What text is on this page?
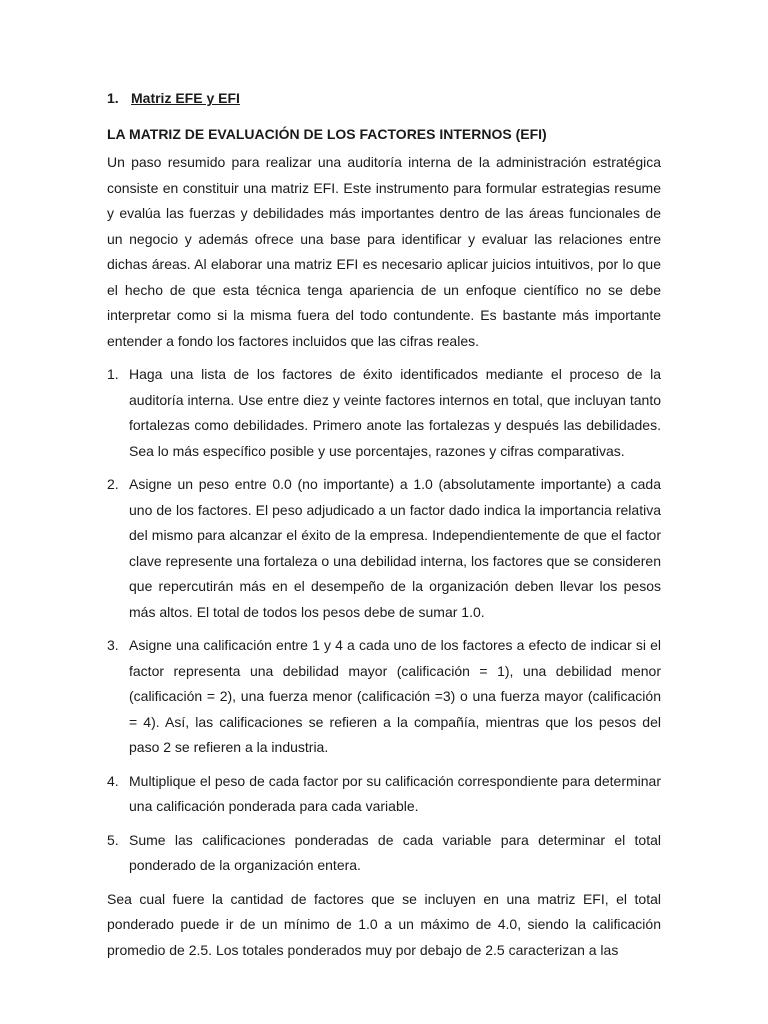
1. Matriz EFE y EFI
LA MATRIZ DE EVALUACIÓN DE LOS FACTORES INTERNOS (EFI)

Un paso resumido para realizar una auditoría interna de la administración estratégica consiste en constituir una matriz EFI. Este instrumento para formular estrategias resume y evalúa las fuerzas y debilidades más importantes dentro de las áreas funcionales de un negocio y además ofrece una base para identificar y evaluar las relaciones entre dichas áreas. Al elaborar una matriz EFI es necesario aplicar juicios intuitivos, por lo que el hecho de que esta técnica tenga apariencia de un enfoque científico no se debe interpretar como si la misma fuera del todo contundente. Es bastante más importante entender a fondo los factores incluidos que las cifras reales.

1. Haga una lista de los factores de éxito identificados mediante el proceso de la auditoría interna. Use entre diez y veinte factores internos en total, que incluyan tanto fortalezas como debilidades. Primero anote las fortalezas y después las debilidades. Sea lo más específico posible y use porcentajes, razones y cifras comparativas.
2. Asigne un peso entre 0.0 (no importante) a 1.0 (absolutamente importante) a cada uno de los factores. El peso adjudicado a un factor dado indica la importancia relativa del mismo para alcanzar el éxito de la empresa. Independientemente de que el factor clave represente una fortaleza o una debilidad interna, los factores que se consideren que repercutirán más en el desempeño de la organización deben llevar los pesos más altos. El total de todos los pesos debe de sumar 1.0.
3. Asigne una calificación entre 1 y 4 a cada uno de los factores a efecto de indicar si el factor representa una debilidad mayor (calificación = 1), una debilidad menor (calificación = 2), una fuerza menor (calificación =3) o una fuerza mayor (calificación = 4). Así, las calificaciones se refieren a la compañía, mientras que los pesos del paso 2 se refieren a la industria.
4. Multiplique el peso de cada factor por su calificación correspondiente para determinar una calificación ponderada para cada variable.
5. Sume las calificaciones ponderadas de cada variable para determinar el total ponderado de la organización entera.

Sea cual fuere la cantidad de factores que se incluyen en una matriz EFI, el total ponderado puede ir de un mínimo de 1.0 a un máximo de 4.0, siendo la calificación promedio de 2.5. Los totales ponderados muy por debajo de 2.5 caracterizan a las
